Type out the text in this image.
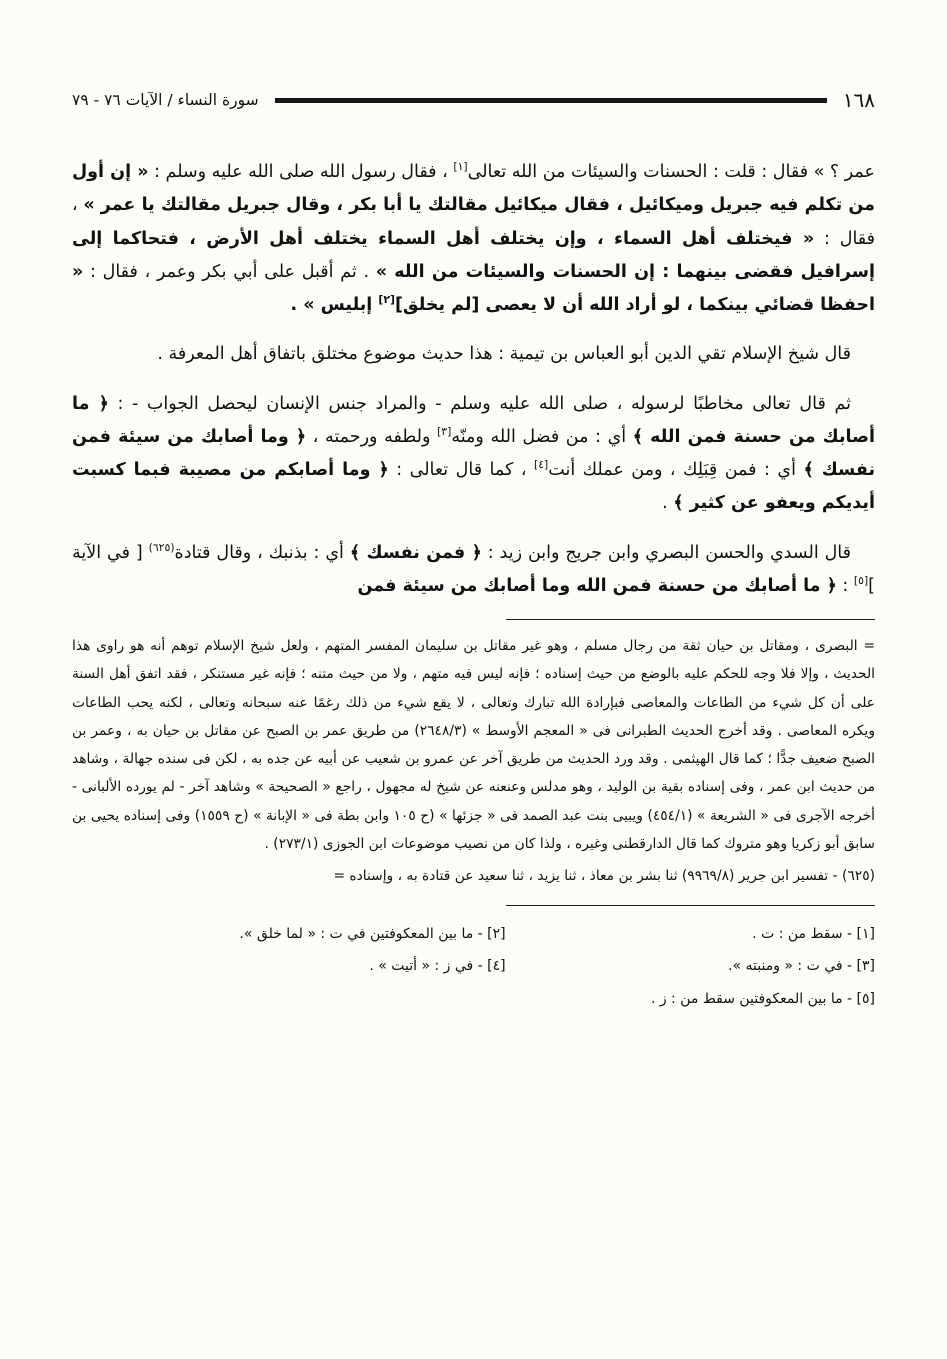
١٦٨
سورة النساء / الآيات ٧٦ - ٧٩

عمر ؟ » فقال : قلت : الحسنات والسيئات من الله تعالى[١] ، فقال رسول الله صلى الله عليه وسلم : « إن أول من تكلم فيه جبريل وميكائيل ، فقال ميكائيل مقالتك يا أبا بكر ، وقال جبريل مقالتك يا عمر » ، فقال : « فيختلف أهل السماء ، وإن يختلف أهل السماء يختلف أهل الأرض ، فتحاكما إلى إسرافيل فقضى بينهما : إن الحسنات والسيئات من الله » . ثم أقبل على أبي بكر وعمر ، فقال : « احفظا قضائي بينكما ، لو أراد الله أن لا يعصى [لم يخلق][٢] إبليس » .

قال شيخ الإسلام تقي الدين أبو العباس بن تيمية : هذا حديث موضوع مختلق باتفاق أهل المعرفة .

ثم قال تعالى مخاطبًا لرسوله ، صلى الله عليه وسلم - والمراد جنس الإنسان ليحصل الجواب - : ﴿ ما أصابك من حسنة فمن الله ﴾ أي : من فضل الله ومنّه[٣] ولطفه ورحمته ، ﴿ وما أصابك من سيئة فمن نفسك ﴾ أي : فمن قِبَلِك ، ومن عملك أنت[٤] ، كما قال تعالى : ﴿ وما أصابكم من مصيبة فبما كسبت أيديكم ويعفو عن كثير ﴾ .

قال السدي والحسن البصري وابن جريج وابن زيد : ﴿ فمن نفسك ﴾ أي : بذنبك ، وقال قتادة$^{(٦٢٥)}$ [ في الآية ][٥] : ﴿ ما أصابك من حسنة فمن الله وما أصابك من سيئة فمن

= البصرى ، ومقاتل بن حيان ثقة من رجال مسلم ، وهو غير مقاتل بن سليمان المفسر المتهم ، ولعل شيخ الإسلام توهم أنه هو راوى هذا الحديث ، وإلا فلا وجه للحكم عليه بالوضع من حيث إسناده ؛ فإنه ليس فيه متهم ، ولا من حيث متنه ؛ فإنه غير مستنكر ، فقد اتفق أهل السنة على أن كل شيء من الطاعات والمعاصى فبإرادة الله تبارك وتعالى ، لا يقع شيء من ذلك رغمًا عنه سبحانه وتعالى ، لكنه يحب الطاعات ويكره المعاصى . وقد أخرج الحديث الطبرانى فى « المعجم الأوسط » (٢٦٤٨/٣) من طريق عمر بن الصبح عن مقاتل بن حيان به ، وعمر بن الصبح ضعيف جدًّا ؛ كما قال الهيثمى . وقد ورد الحديث من طريق آخر عن عمرو بن شعيب عن أبيه عن جده به ، لكن فى سنده جهالة ، وشاهد من حديث ابن عمر ، وفى إسناده بقية بن الوليد ، وهو مدلس وعنعنه عن شيخ له مجهول ، راجع « الصحيحة » وشاهد آخر - لم يورده الألبانى - أخرجه الآجرى فى « الشريعة » (٤٥٤/١) ويبيى بنت عبد الصمد فى « جزئها » (ح ١٠٥ وابن بطة فى « الإبانة » (ح ١٥٥٩) وفى إسناده يحيى بن سابق أبو زكريا وهو متروك كما قال الدارقطنى وغيره ، ولذا كان من نصيب موضوعات ابن الجوزى (٢٧٣/١) .

(٦٢٥) - تفسير ابن جرير (٩٩٦٩/٨) ثنا بشر بن معاذ ، ثنا يزيد ، ثنا سعيد عن قتادة به ، وإسناده =

[١] - سقط من : ت .
[٢] - ما بين المعكوفتين في ت : « لما خلق ».
[٣] - في ت : « ومنبته ».
[٤] - في ز : « أتيت » .
[٥] - ما بين المعكوفتين سقط من : ز .
